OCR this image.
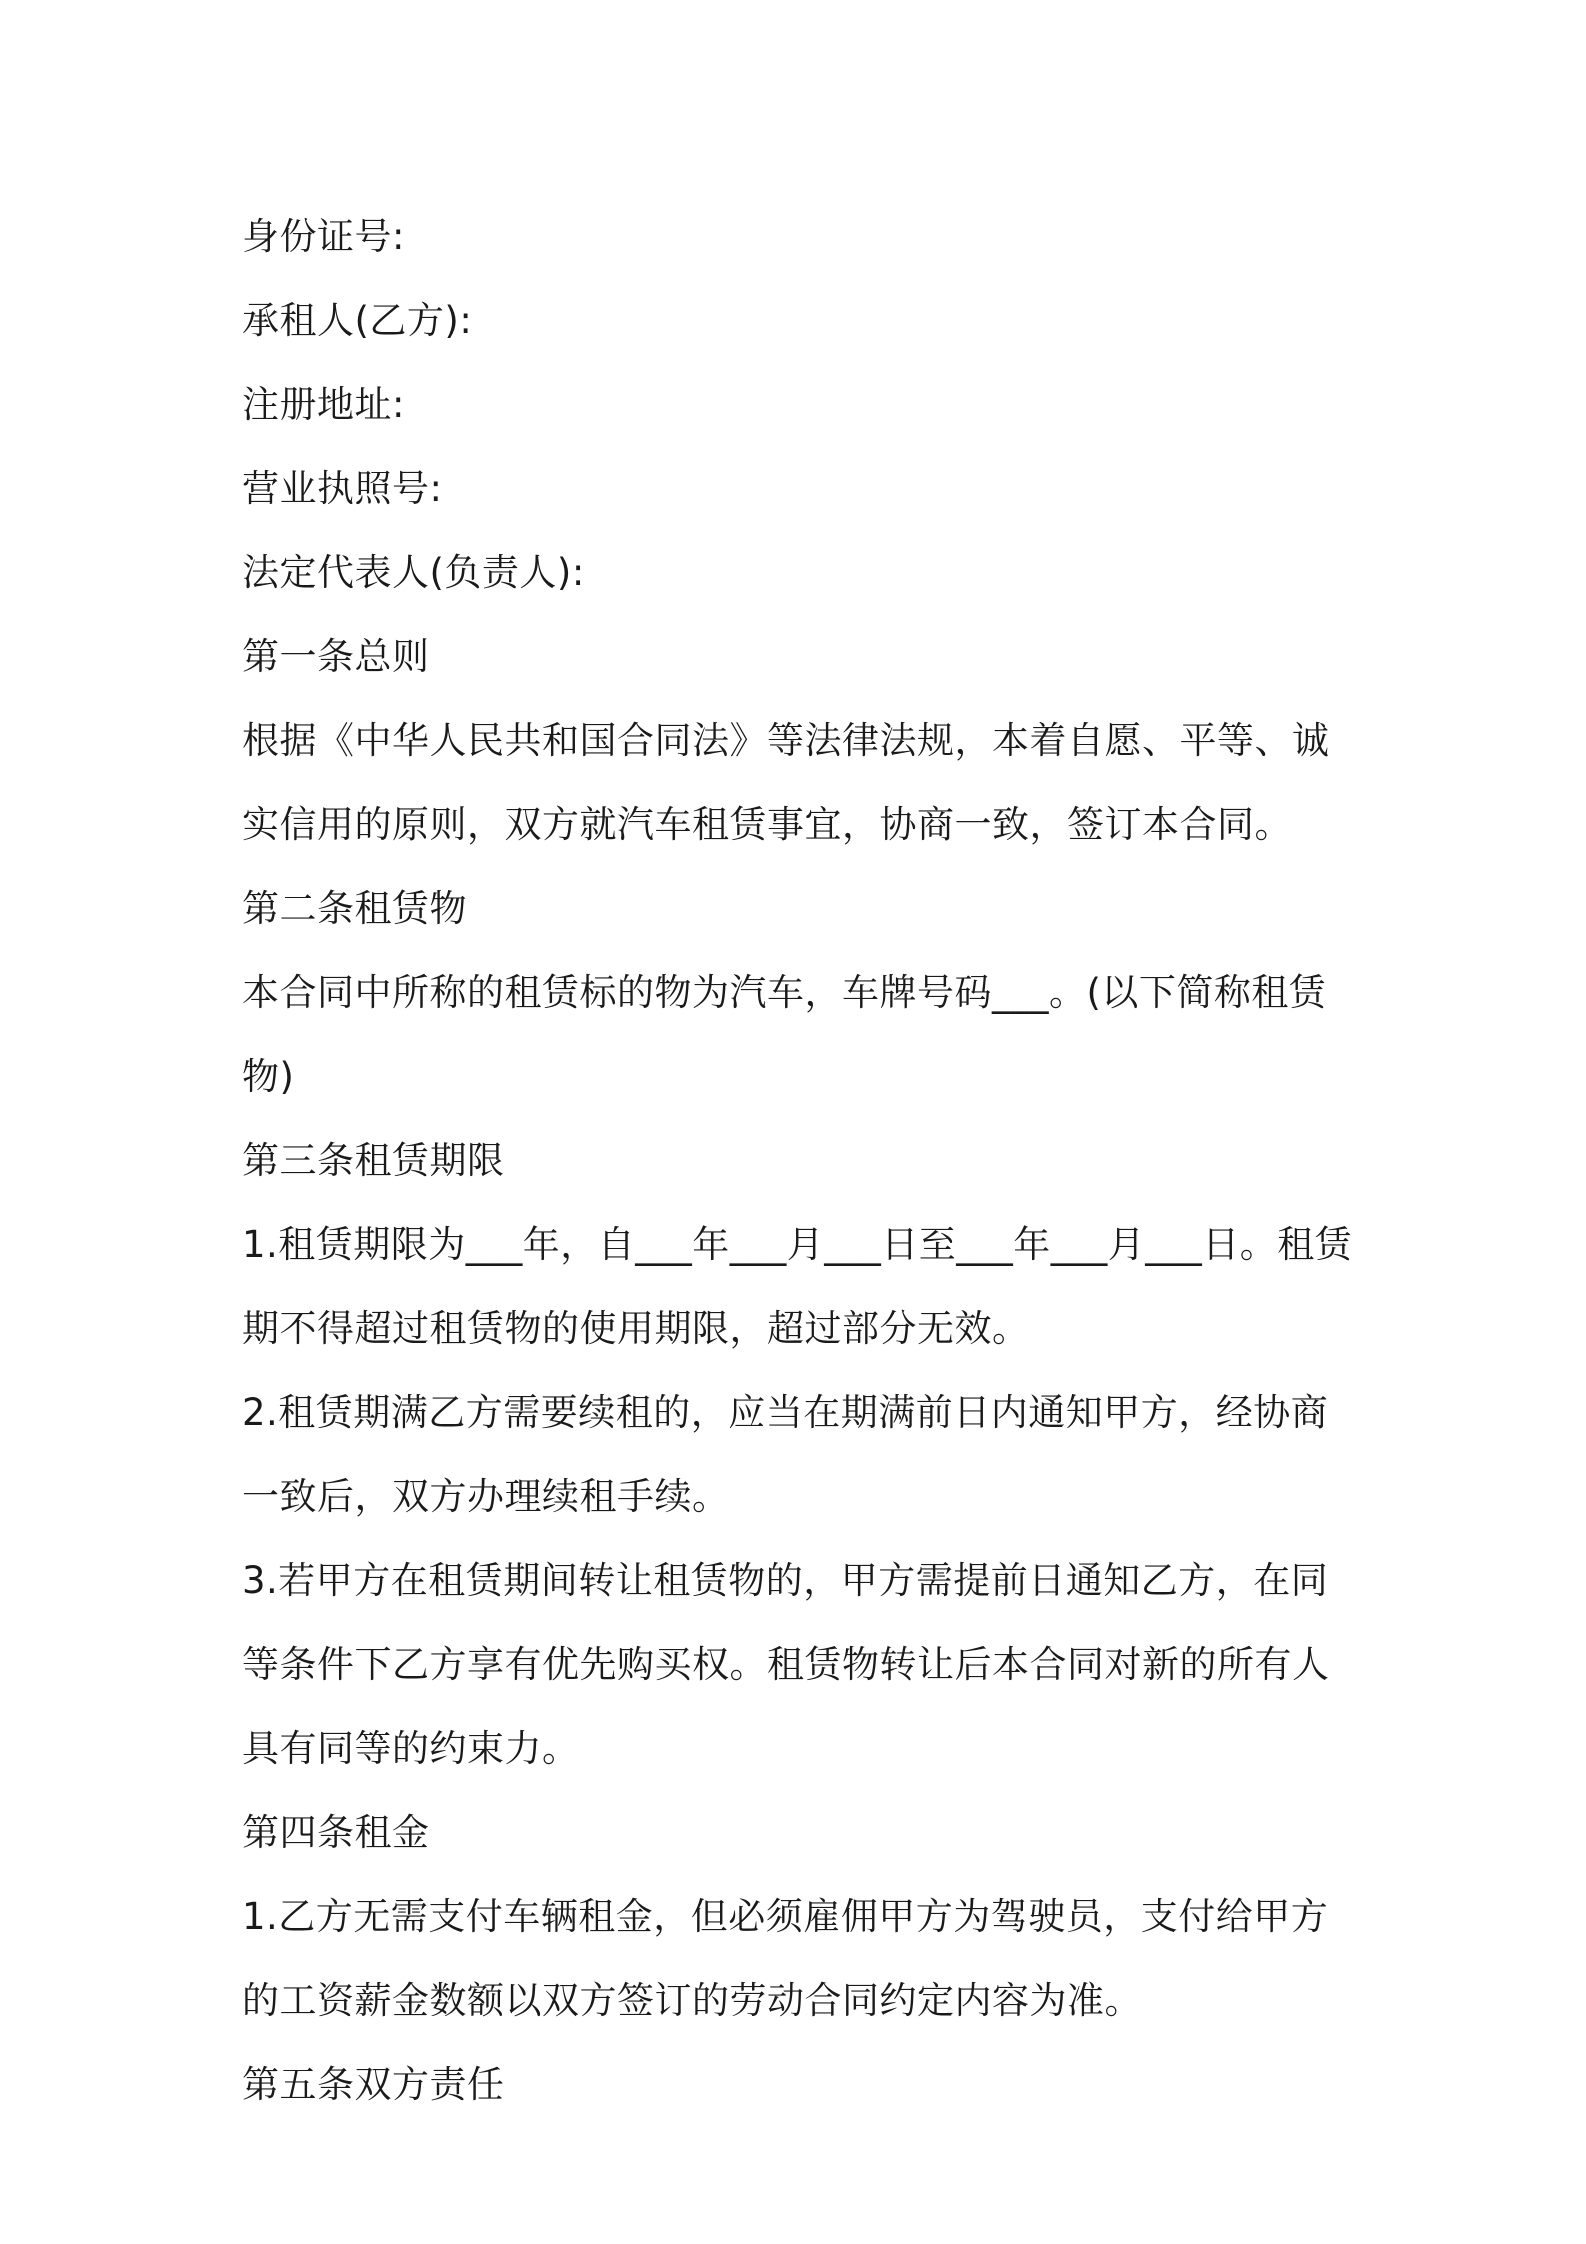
身份证号:
承租人(乙方):
注册地址:
营业执照号:
法定代表人(负责人):
第一条总则
根据《中华人民共和国合同法》等法律法规，本着自愿、平等、诚实信用的原则，双方就汽车租赁事宜，协商一致，签订本合同。
第二条租赁物
本合同中所称的租赁标的物为汽车，车牌号码___。(以下简称租赁物)
第三条租赁期限
1.租赁期限为___年，自___年___月___日至___年___月___日。租赁期不得超过租赁物的使用期限，超过部分无效。
2.租赁期满乙方需要续租的，应当在期满前日内通知甲方，经协商一致后，双方办理续租手续。
3.若甲方在租赁期间转让租赁物的，甲方需提前日通知乙方，在同等条件下乙方享有优先购买权。租赁物转让后本合同对新的所有人具有同等的约束力。
第四条租金
1.乙方无需支付车辆租金，但必须雇佣甲方为驾驶员，支付给甲方的工资薪金数额以双方签订的劳动合同约定内容为准。
第五条双方责任
